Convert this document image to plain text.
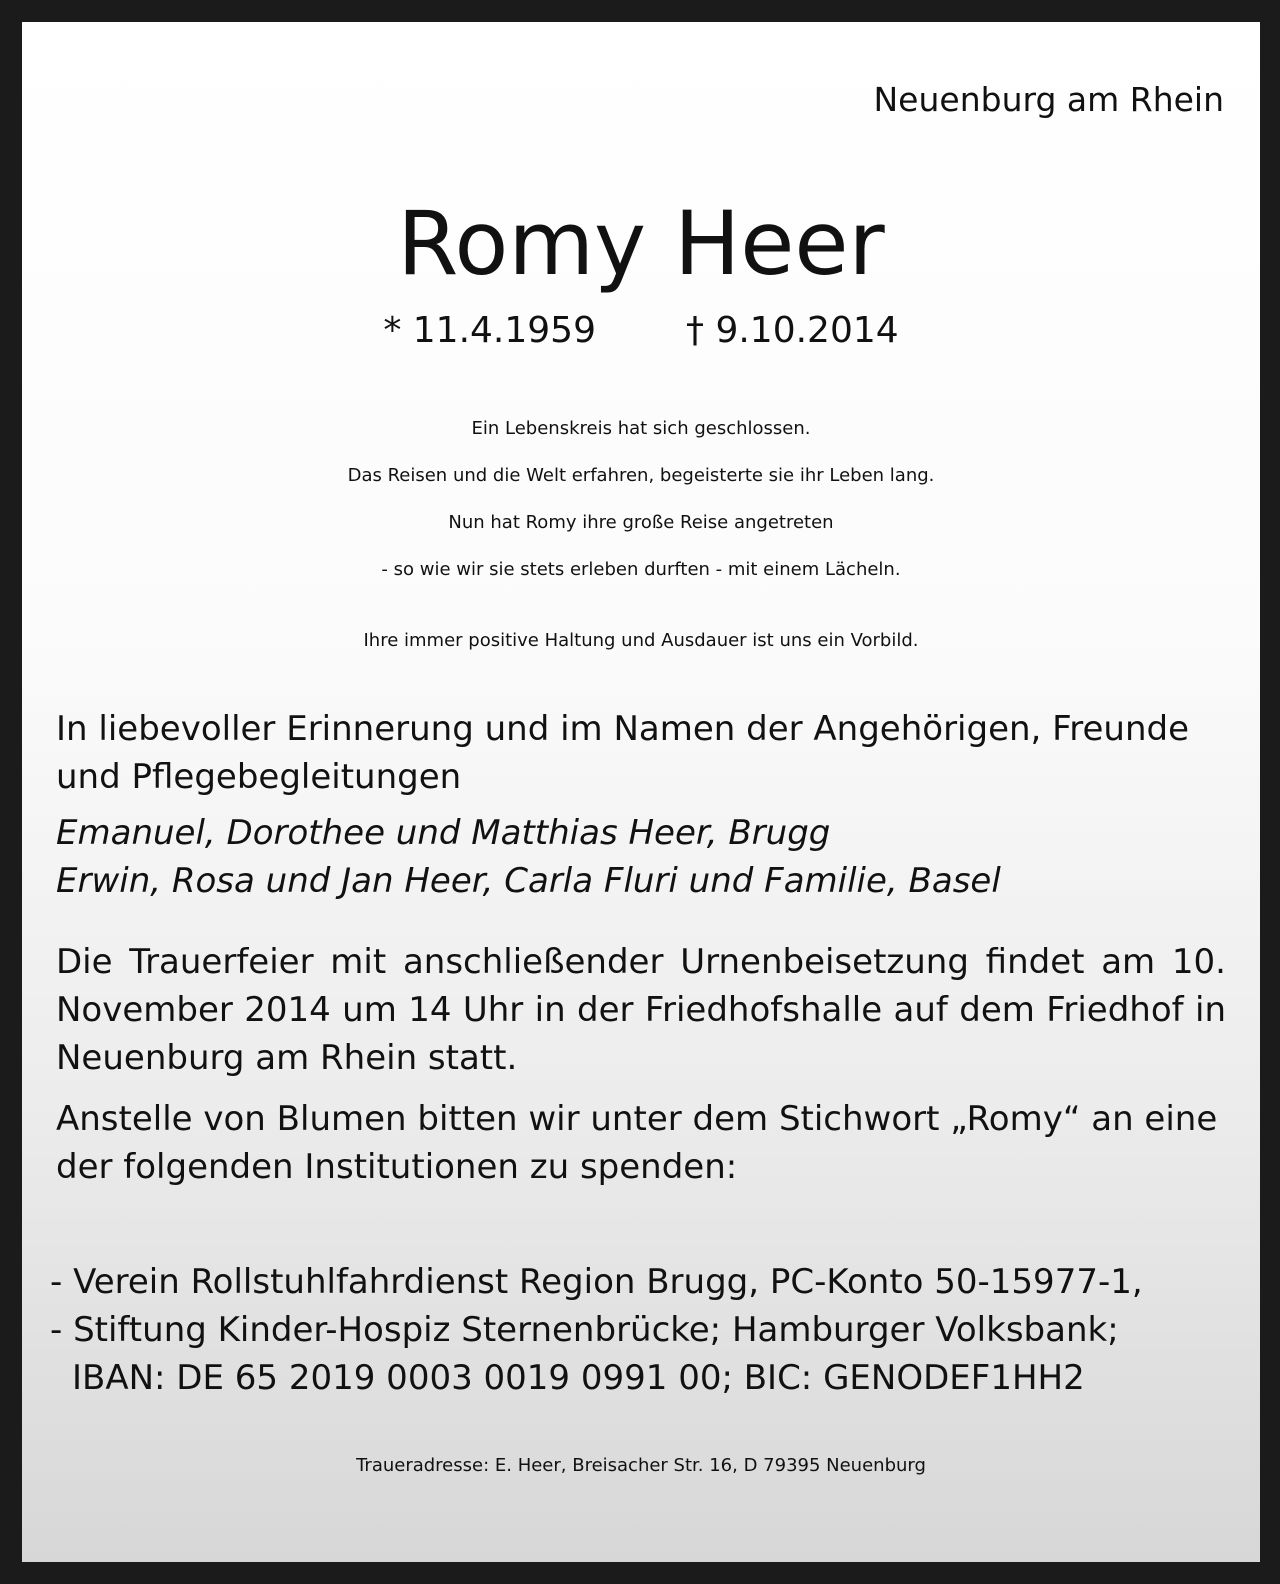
Neuenburg am Rhein
Romy Heer
* 11.4.1959	† 9.10.2014
Ein Lebenskreis hat sich geschlossen.
Das Reisen und die Welt erfahren, begeisterte sie ihr Leben lang.
Nun hat Romy ihre große Reise angetreten
- so wie wir sie stets erleben durften - mit einem Lächeln.
Ihre immer positive Haltung und Ausdauer ist uns ein Vorbild.
In liebevoller Erinnerung und im Namen der Angehörigen, Freunde
und Pflegebegleitungen
Emanuel, Dorothee und Matthias Heer, Brugg
Erwin, Rosa und Jan Heer, Carla Fluri und Familie, Basel
Die Trauerfeier mit anschließender Urnenbeisetzung findet am 10. November 2014 um 14 Uhr in der Friedhofshalle auf dem Friedhof in Neuenburg am Rhein statt.
Anstelle von Blumen bitten wir unter dem Stichwort „Romy“ an eine
der folgenden Institutionen zu spenden:
- Verein Rollstuhlfahrdienst Region Brugg, PC-Konto 50-15977-1,
- Stiftung Kinder-Hospiz Sternenbrücke; Hamburger Volksbank;
IBAN: DE 65 2019 0003 0019 0991 00; BIC: GENODEF1HH2
Traueradresse: E. Heer, Breisacher Str. 16, D 79395 Neuenburg
